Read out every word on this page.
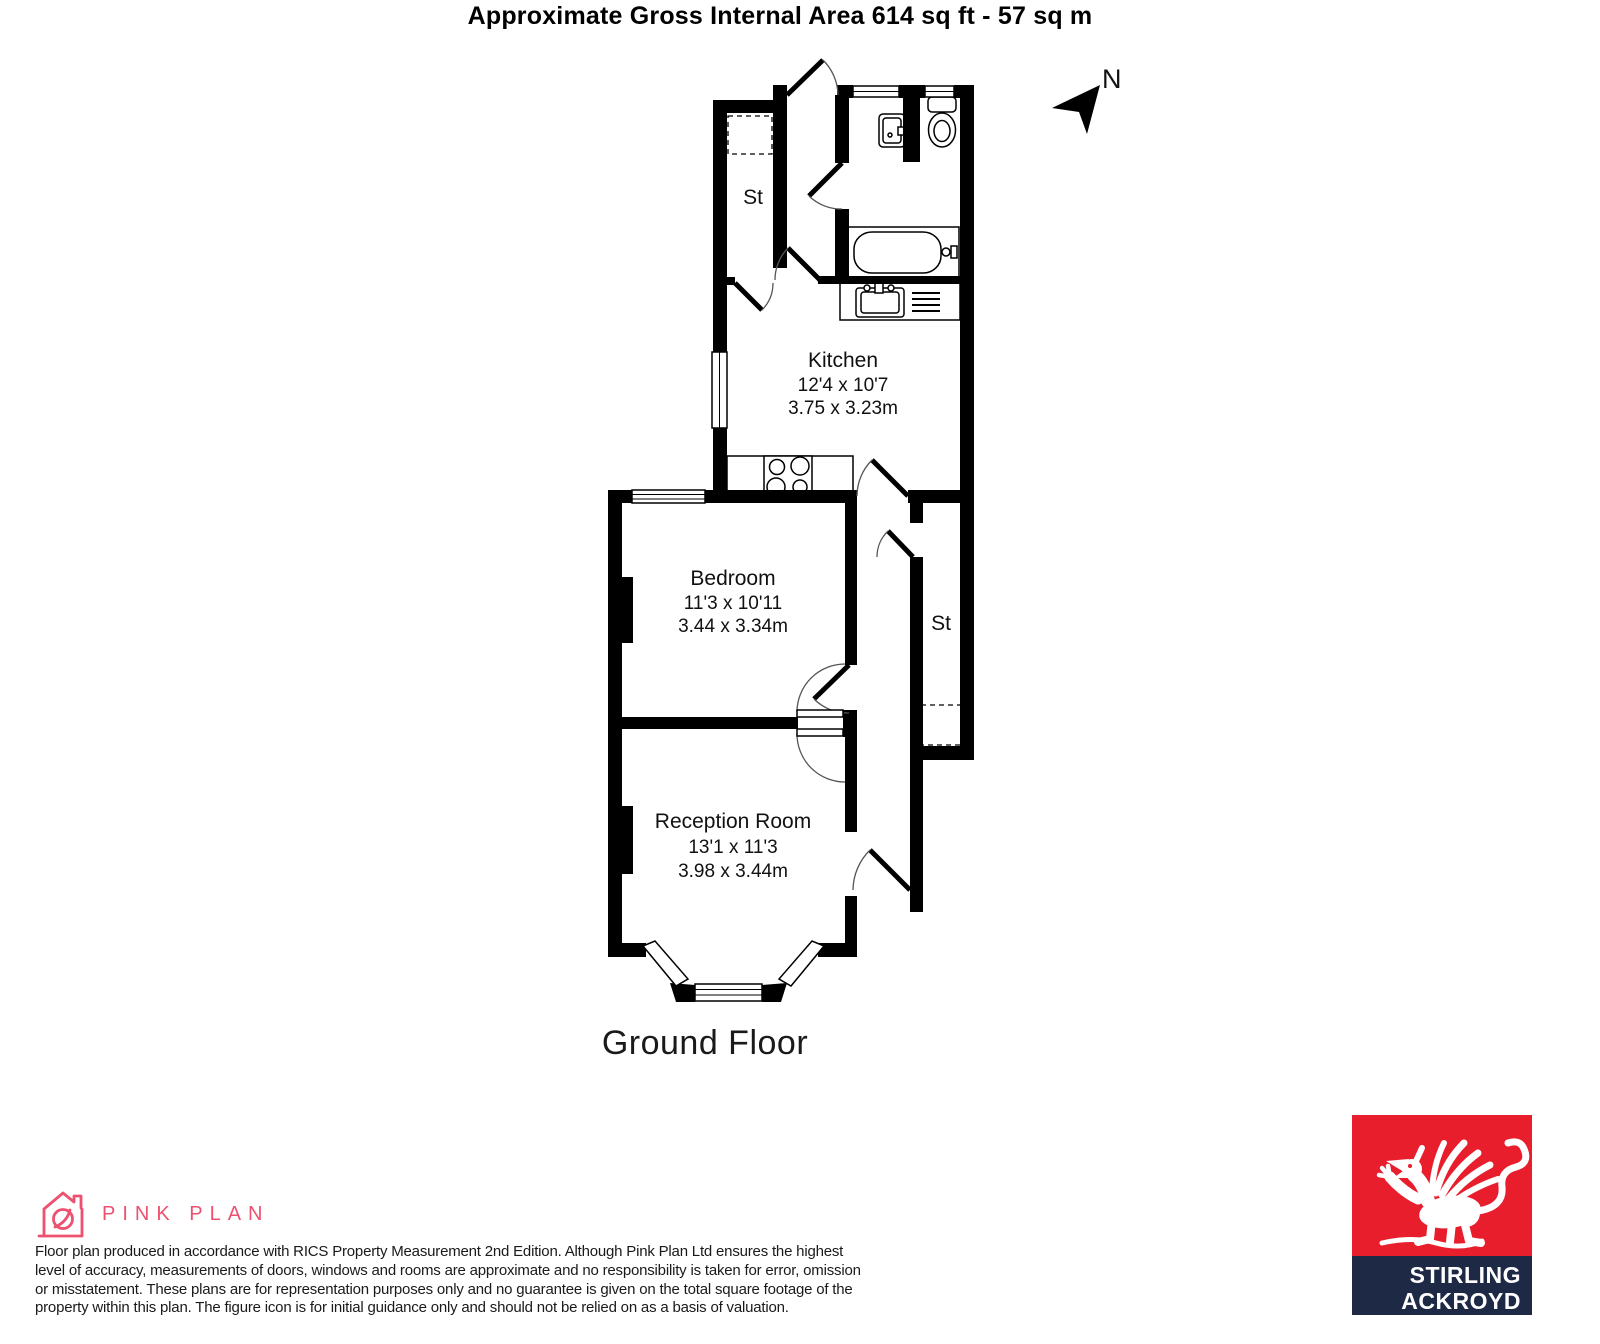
Approximate Gross Internal Area 614 sq ft - 57 sq m
N
Kitchen
12'4 x 10'7
3.75 x 3.23m
Bedroom
11'3 x 10'11
3.44 x 3.34m
Reception Room
13'1 x 11'3
3.98 x 3.44m
St
St
Ground Floor
PINK PLAN
Floor plan produced in accordance with RICS Property Measurement 2nd Edition. Although Pink Plan Ltd ensures the highest
level of accuracy, measurements of doors, windows and rooms are approximate and no responsibility is taken for error, omission
or misstatement. These plans are for representation purposes only and no guarantee is given on the total square footage of the
property within this plan. The figure icon is for initial guidance only and should not be relied on as a basis of valuation.
STIRLING
ACKROYD
